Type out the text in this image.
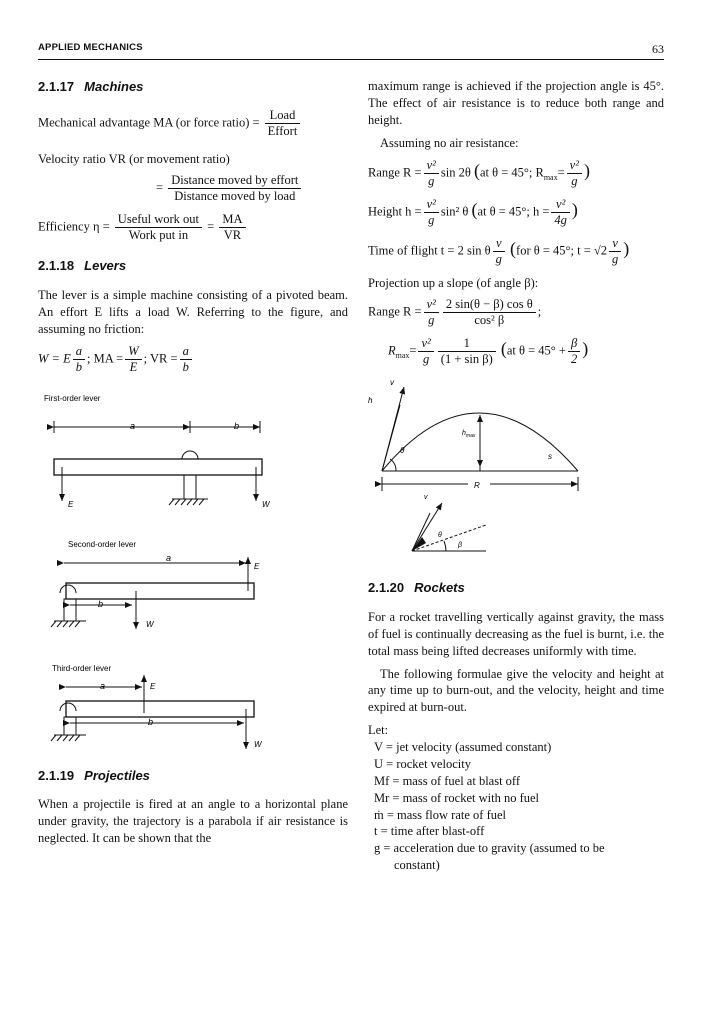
APPLIED MECHANICS	63
2.1.17 Machines
Mechanical advantage MA (or force ratio) = $\frac{\text{Load}}{\text{Effort}}$
Velocity ratio VR (or movement ratio)
= $\frac{\text{Distance moved by effort}}{\text{Distance moved by load}}$
Efficiency $\eta = \frac{\text{Useful work out}}{\text{Work put in}} = \frac{MA}{VR}$
2.1.18 Levers

The lever is a simple machine consisting of a pivoted beam. An effort E lifts a load W. Referring to the figure, and assuming no friction:

W = E $\frac{a}{b}$ ; MA = $\frac{W}{E}$ ; VR = $\frac{a}{b}$
First-order lever
a	b
E	W
Second-order lever
a
E
b
W
Third-order lever
a	E
b
W
2.1.19 Projectiles

When a projectile is fired at an angle to a horizontal plane under gravity, the trajectory is a parabola if air resistance is neglected. It can be shown that the

maximum range is achieved if the projection angle is 45°. The effect of air resistance is to reduce both range and height.

Assuming no air resistance:

Range $R = \frac{\text{v²}}{g}$ sin 2θ (at θ = 45°; $R_{max}= \frac{\text{v²}}{g}$ )
Height $h = \frac{\text{v²}}{g} \sin^2$ θ (at θ = 45°; $h = \frac{\text{v²}}{4g}$ )
Time of flight t = 2 sin θ $\frac{v}{g} (for$ θ = 45°; $t = √2 \frac{v}{g}$ )

Projection up a slope (of angle β):

Range $R = \frac{\text{v²}}{g} \frac{\text{2 sin(θ − β) cos θ}}{\text{cos² β}}$ ;
$R_{max}= \frac{\text{v²}}{g} \frac{1}{\text{(1 + sin β)}} (at$ $\theta = 45^\circ + \frac{\beta}{2}$ )
v
h
θ
$h_{max}$
s
R
v
θ
β
2.1.20 Rockets

For a rocket travelling vertically against gravity, the mass of fuel is continually decreasing as the fuel is burnt, i.e. the total mass being lifted decreases uniformly with time.

The following formulae give the velocity and height at any time up to burn-out, and the velocity, height and time expired at burn-out.

Let:
V = jet velocity (assumed constant)
U = rocket velocity
Mf = mass of fuel at blast off
Mr = mass of rocket with no fuel
ṁ = mass flow rate of fuel
t = time after blast-off
g = acceleration due to gravity (assumed to be
constant)
